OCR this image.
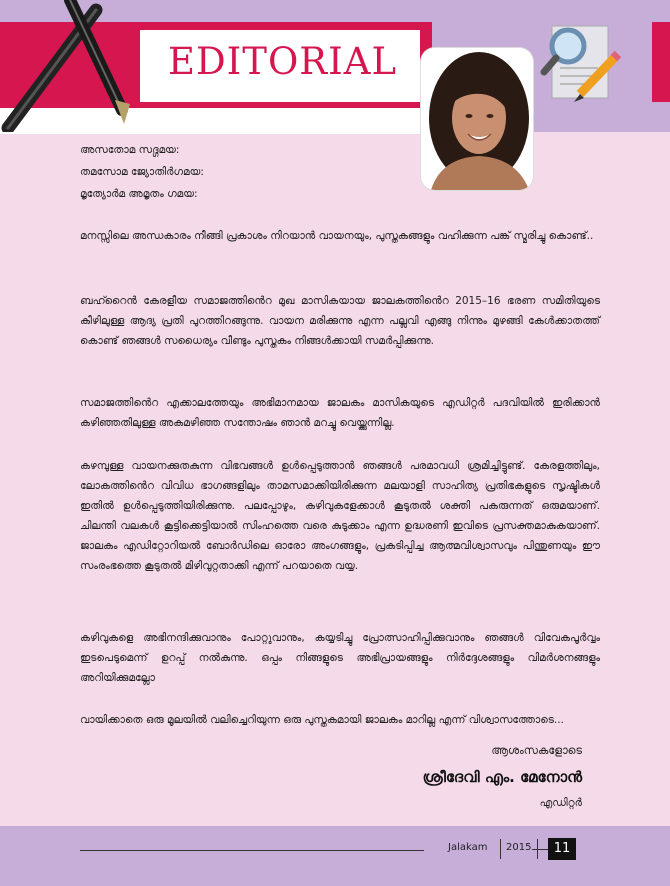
EDITORIAL
അസതോമ സദ്ഗമയ:
തമസോമ ജ്യോതിർഗമയ:
മൃത്യോർമ അമൃതം ഗമയ:

മനസ്സിലെ അന്ധകാരം നീങ്ങി പ്രകാശം നിറയാൻ വായനയും, പുസ്തകങ്ങളും വഹിക്കുന്ന പങ്ക് സ്മരിച്ചു കൊണ്ട്..

ബഹ്റൈൻ കേരളീയ സമാജത്തിൻെറ മുഖ മാസികയായ ജാലകത്തിൻെറ 2015–16 ഭരണ സമിതിയുടെ കീഴിലുള്ള ആദ്യ പ്രതി പുറത്തിറങ്ങുന്നു. വായന മരിക്കുന്നു എന്ന പല്ലവി എങ്ങു നിന്നും മുഴങ്ങി കേൾക്കാതത്ത് കൊണ്ട് ഞങ്ങൾ സധൈര്യം വീണ്ടും പുസ്തകം നിങ്ങൾക്കായി സമർപ്പിക്കുന്നു.

സമാജത്തിൻെറ എക്കാലത്തേയും അഭിമാനമായ ജാലകം മാസികയുടെ എഡിറ്റർ പദവിയിൽ ഇരിക്കാൻ കഴിഞ്ഞതിലുള്ള അകമഴിഞ്ഞ സന്തോഷം ഞാൻ മറച്ചു വെയ്ക്കുന്നില്ല.

കഴമ്പുള്ള വായനക്കുതകുന്ന വിഭവങ്ങൾ ഉൾപ്പെടുത്താൻ ഞങ്ങൾ പരമാവധി ശ്രമിച്ചിട്ടുണ്ട്. കേരളത്തിലും, ലോകത്തിൻെറ വിവിധ ഭാഗങ്ങളിലും താമസമാക്കിയിരിക്കുന്ന മലയാളി സാഹിത്യ പ്രതിഭകളുടെ സൃഷ്ടികൾ ഇതിൽ ഉൾപ്പെടുത്തിയിരിക്കുന്നു. പലപ്പോഴും, കഴിവുകളേക്കാൾ കൂടുതൽ ശക്തി പകരുന്നത് ഒരുമയാണ്. ചിലന്തി വലകൾ കൂട്ടിക്കെട്ടിയാൽ സിംഹത്തെ വരെ കുടുക്കാം എന്ന ഉദ്ധരണി ഇവിടെ പ്രസക്തമാകുകയാണ്. ജാലകം എഡിറ്റോറിയൽ ബോർഡിലെ ഓരോ അംഗങ്ങളും, പ്രകടിപ്പിച്ച ആത്മവിശ്വാസവും പിന്തുണയും ഈ സംരംഭത്തെ കൂടുതൽ മിഴിവുറ്റതാക്കി എന്ന് പറയാതെ വയ്യ.

കഴിവുകളെ അഭിനന്ദിക്കുവാനും പോറ്റുവാനും, കയ്യടിച്ചു പ്രോത്സാഹിപ്പിക്കുവാനും ഞങ്ങൾ വിവേകപൂർവ്വം ഇടപെടുമെന്ന് ഉറപ്പ് നൽകുന്നു. ഒപ്പം നിങ്ങളുടെ അഭിപ്രായങ്ങളും നിർദ്ദേശങ്ങളും വിമർശനങ്ങളും അറിയിക്കുമല്ലോ

വായിക്കാതെ ഒരു മൂലയിൽ വലിച്ചെറിയുന്ന ഒരു പുസ്തകമായി ജാലകം മാറില്ല എന്ന് വിശ്വാസത്തോടെ...

ആശംസകളോടെ
ശ്രീദേവി എം. മേനോൻ
എഡിറ്റർ
Jalakam 2015	11
